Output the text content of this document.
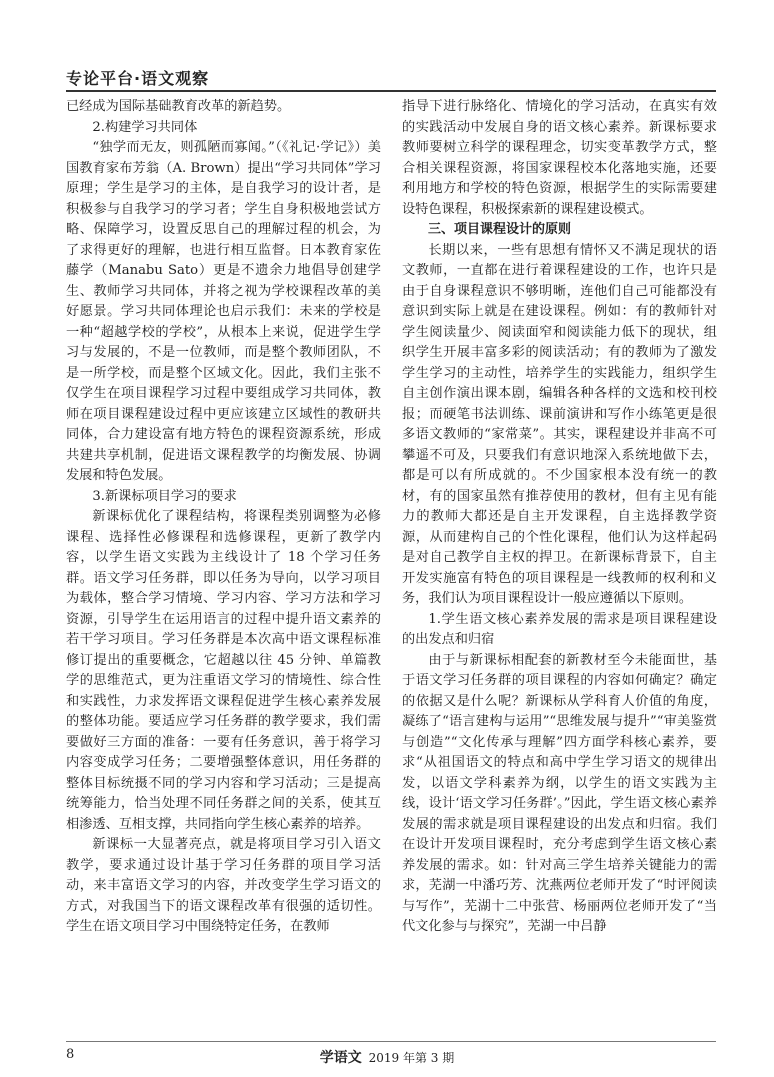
专论平台·语文观察

已经成为国际基础教育改革的新趋势。

2.构建学习共同体

“独学而无友，则孤陋而寡闻。”（《礼记·学记》）美国教育家布芳翁（A. Brown）提出“学习共同体”学习原理；学生是学习的主体，是自我学习的设计者，是积极参与自我学习的学习者；学生自身积极地尝试方略、保障学习，设置反思自己的理解过程的机会，为了求得更好的理解，也进行相互监督。日本教育家佐藤学（Manabu Sato）更是不遗余力地倡导创建学生、教师学习共同体，并将之视为学校课程改革的美好愿景。学习共同体理论也启示我们：未来的学校是一种“超越学校的学校”，从根本上来说，促进学生学习与发展的，不是一位教师，而是整个教师团队，不是一所学校，而是整个区域文化。因此，我们主张不仅学生在项目课程学习过程中要组成学习共同体，教师在项目课程建设过程中更应该建立区域性的教研共同体，合力建设富有地方特色的课程资源系统，形成共建共享机制，促进语文课程教学的均衡发展、协调发展和特色发展。

3.新课标项目学习的要求

新课标优化了课程结构，将课程类别调整为必修课程、选择性必修课程和选修课程，更新了教学内容，以学生语文实践为主线设计了 18 个学习任务群。语文学习任务群，即以任务为导向，以学习项目为载体，整合学习情境、学习内容、学习方法和学习资源，引导学生在运用语言的过程中提升语文素养的若干学习项目。学习任务群是本次高中语文课程标准修订提出的重要概念，它超越以往 45 分钟、单篇教学的思维范式，更为注重语文学习的情境性、综合性和实践性，力求发挥语文课程促进学生核心素养发展的整体功能。要适应学习任务群的教学要求，我们需要做好三方面的准备：一要有任务意识，善于将学习内容变成学习任务；二要增强整体意识，用任务群的整体目标统摄不同的学习内容和学习活动；三是提高统筹能力，恰当处理不同任务群之间的关系，使其互相渗透、互相支撑，共同指向学生核心素养的培养。

新课标一大显著亮点，就是将项目学习引入语文教学，要求通过设计基于学习任务群的项目学习活动，来丰富语文学习的内容，并改变学生学习语文的方式，对我国当下的语文课程改革有很强的适切性。学生在语文项目学习中围绕特定任务，在教师

指导下进行脉络化、情境化的学习活动，在真实有效的实践活动中发展自身的语文核心素养。新课标要求教师要树立科学的课程理念，切实变革教学方式，整合相关课程资源，将国家课程校本化落地实施，还要利用地方和学校的特色资源，根据学生的实际需要建设特色课程，积极探索新的课程建设模式。

三、项目课程设计的原则

长期以来，一些有思想有情怀又不满足现状的语文教师，一直都在进行着课程建设的工作，也许只是由于自身课程意识不够明晰，连他们自己可能都没有意识到实际上就是在建设课程。例如：有的教师针对学生阅读量少、阅读面窄和阅读能力低下的现状，组织学生开展丰富多彩的阅读活动；有的教师为了激发学生学习的主动性，培养学生的实践能力，组织学生自主创作演出课本剧，编辑各种各样的文选和校刊校报；而硬笔书法训练、课前演讲和写作小练笔更是很多语文教师的“家常菜”。其实，课程建设并非高不可攀遥不可及，只要我们有意识地深入系统地做下去，都是可以有所成就的。不少国家根本没有统一的教材，有的国家虽然有推荐使用的教材，但有主见有能力的教师大都还是自主开发课程，自主选择教学资源，从而建构自己的个性化课程，他们认为这样起码是对自己教学自主权的捍卫。在新课标背景下，自主开发实施富有特色的项目课程是一线教师的权利和义务，我们认为项目课程设计一般应遵循以下原则。

1.学生语文核心素养发展的需求是项目课程建设的出发点和归宿

由于与新课标相配套的新教材至今未能面世，基于语文学习任务群的项目课程的内容如何确定？确定的依据又是什么呢？新课标从学科育人价值的角度，凝练了“语言建构与运用”“思维发展与提升”“审美鉴赏与创造”“文化传承与理解”四方面学科核心素养，要求“从祖国语文的特点和高中学生学习语文的规律出发，以语文学科素养为纲，以学生的语文实践为主线，设计‘语文学习任务群’。”因此，学生语文核心素养发展的需求就是项目课程建设的出发点和归宿。我们在设计开发项目课程时，充分考虑到学生语文核心素养发展的需求。如：针对高三学生培养关键能力的需求，芜湖一中潘巧芳、沈燕两位老师开发了“时评阅读与写作”，芜湖十二中张营、杨丽两位老师开发了“当代文化参与与探究”，芜湖一中吕静

8	学语文 2019 年第 3 期
